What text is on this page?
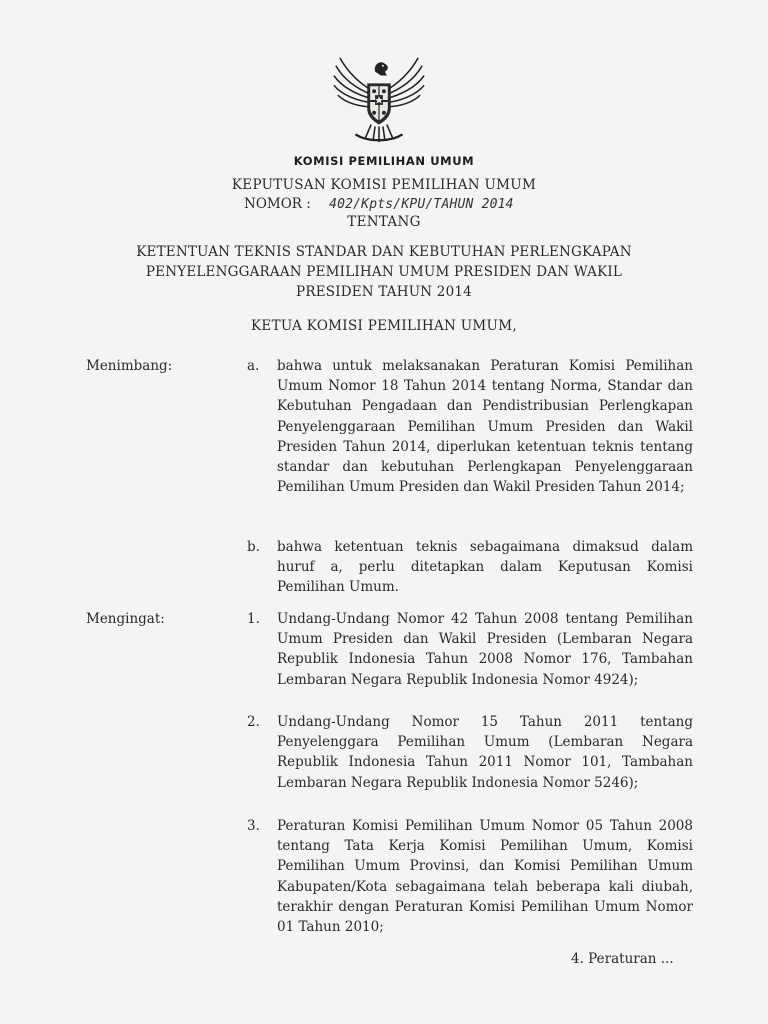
KOMISI PEMILIHAN UMUM
KEPUTUSAN KOMISI PEMILIHAN UMUM
NOMOR : 402/Kpts/KPU/TAHUN 2014
TENTANG
KETENTUAN TEKNIS STANDAR DAN KEBUTUHAN PERLENGKAPAN
PENYELENGGARAAN PEMILIHAN UMUM PRESIDEN DAN WAKIL
PRESIDEN TAHUN 2014
KETUA KOMISI PEMILIHAN UMUM,
Menimbang:	a. bahwa untuk melaksanakan Peraturan Komisi Pemilihan Umum Nomor 18 Tahun 2014 tentang Norma, Standar dan Kebutuhan Pengadaan dan Pendistribusian Perlengkapan Penyelenggaraan Pemilihan Umum Presiden dan Wakil Presiden Tahun 2014, diperlukan ketentuan teknis tentang standar dan kebutuhan Perlengkapan Penyelenggaraan Pemilihan Umum Presiden dan Wakil Presiden Tahun 2014;
b. bahwa ketentuan teknis sebagaimana dimaksud dalam huruf a, perlu ditetapkan dalam Keputusan Komisi Pemilihan Umum.
Mengingat:	1. Undang-Undang Nomor 42 Tahun 2008 tentang Pemilihan Umum Presiden dan Wakil Presiden (Lembaran Negara Republik Indonesia Tahun 2008 Nomor 176, Tambahan Lembaran Negara Republik Indonesia Nomor 4924);
2. Undang-Undang Nomor 15 Tahun 2011 tentang Penyelenggara Pemilihan Umum (Lembaran Negara Republik Indonesia Tahun 2011 Nomor 101, Tambahan Lembaran Negara Republik Indonesia Nomor 5246);
3. Peraturan Komisi Pemilihan Umum Nomor 05 Tahun 2008 tentang Tata Kerja Komisi Pemilihan Umum, Komisi Pemilihan Umum Provinsi, dan Komisi Pemilihan Umum Kabupaten/Kota sebagaimana telah beberapa kali diubah, terakhir dengan Peraturan Komisi Pemilihan Umum Nomor 01 Tahun 2010;
4. Peraturan ...
